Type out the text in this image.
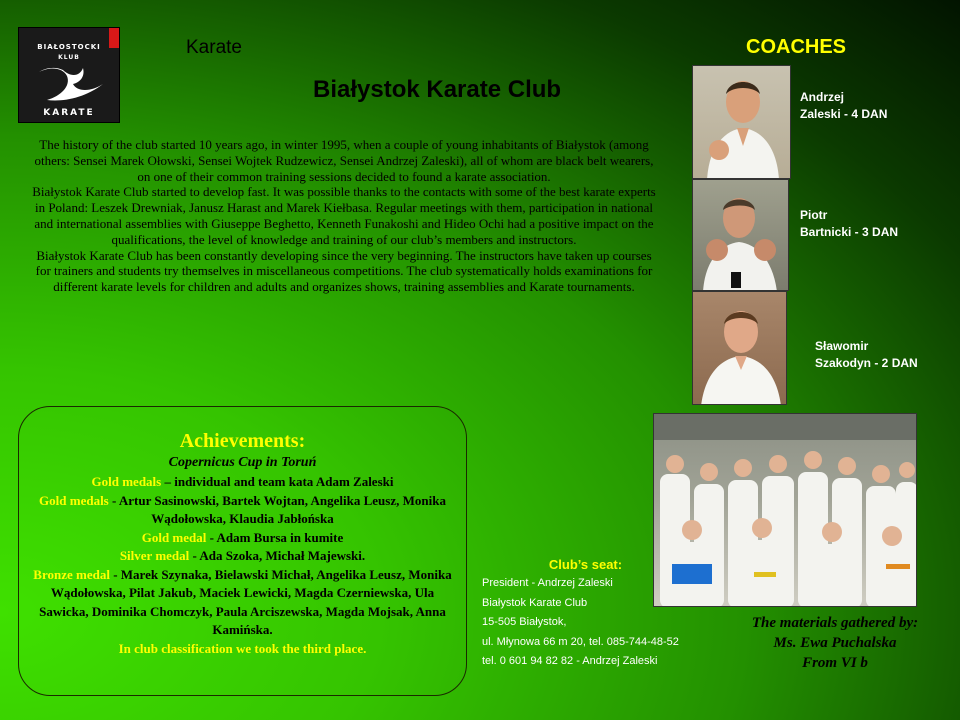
BIAŁOSTOCKI
KLUB
KARATE
Karate	COACHES
Białystok Karate Club
The history of the club started 10 years ago, in winter 1995, when a couple of young inhabitants of Białystok (among others: Sensei Marek Ołowski, Sensei Wojtek Rudzewicz, Sensei Andrzej Zaleski), all of whom are black belt wearers, on one of their common training sessions decided to found a karate association.
Białystok Karate Club started to develop fast. It was possible thanks to the contacts with some of the best karate experts in Poland: Leszek Drewniak, Janusz Harast and Marek Kiełbasa. Regular meetings with them, participation in national and international assemblies with Giuseppe Beghetto, Kenneth Funakoshi and Hideo Ochi had a positive impact on the qualifications, the level of knowledge and training of our club’s members and instructors.
Białystok Karate Club has been constantly developing since the very beginning. The instructors have taken up courses for trainers and students try themselves in miscellaneous competitions. The club systematically holds examinations for different karate levels for children and adults and organizes shows, training assemblies and Karate tournaments.
Andrzej
Zaleski - 4 DAN
Piotr
Bartnicki - 3 DAN
Sławomir
Szakodyn - 2 DAN
Achievements:
Copernicus Cup in Toruń
Gold medals – individual and team kata Adam Zaleski
Gold medals - Artur Sasinowski, Bartek Wojtan, Angelika Leusz, Monika Wądołowska, Klaudia Jabłońska
Gold medal - Adam Bursa in kumite
Silver medal - Ada Szoka, Michał Majewski.
Bronze medal - Marek Szynaka, Bielawski Michał, Angelika Leusz, Monika Wądołowska, Pilat Jakub, Maciek Lewicki, Magda Czerniewska, Ula Sawicka, Dominika Chomczyk, Paula Arciszewska, Magda Mojsak, Anna Kamińska.
In club classification we took the third place.
Club’s seat:
President - Andrzej Zaleski
Białystok Karate Club
15-505 Białystok,
ul. Młynowa 66 m 20, tel. 085-744-48-52
tel. 0 601 94 82 82 - Andrzej Zaleski
The materials gathered by:
Ms. Ewa Puchalska
From VI b
